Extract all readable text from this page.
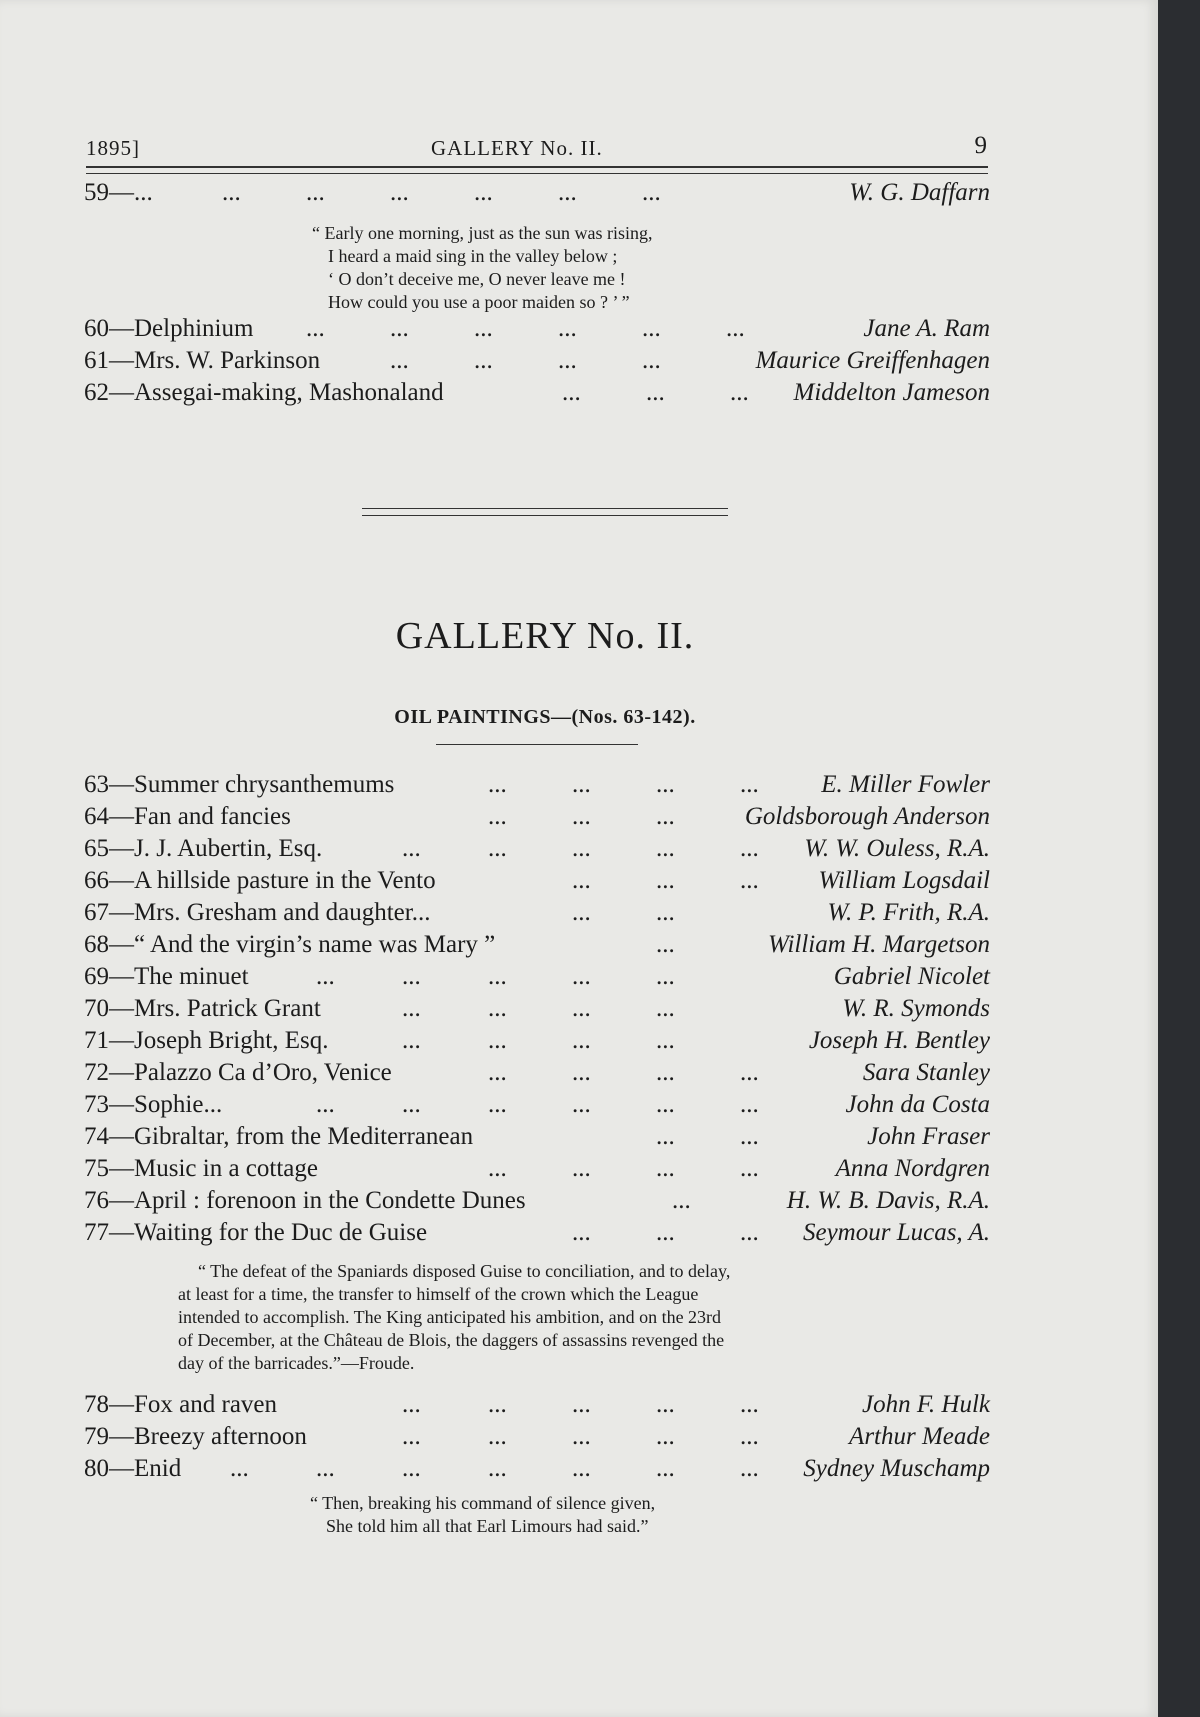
1895]	GALLERY No. II.	9
59— ...	...	...	...	...	...	...	W. G. Daffarn
“ Early one morning, just as the sun was rising,
I heard a maid sing in the valley below ;
‘ O don’t deceive me, O never leave me !
How could you use a poor maiden so ? ’ ”
60—Delphinium ...	...	...	...	...	...	Jane A. Ram
61—Mrs. W. Parkinson	...	...	...	...	Maurice Greiffenhagen
62—Assegai-making, Mashonaland	...	...	... Middelton Jameson
GALLERY No. II.
OIL PAINTINGS—(Nos. 63-142).
63—Summer chrysanthemums	...	...	...	...	E. Miller Fowler
64—Fan and fancies	...	...	...	Goldsborough Anderson
65—J. J. Aubertin, Esq.	...	...	...	...	... W. W. Ouless, R.A.
66—A hillside pasture in the Vento	...	...	... William Logsdail
67—Mrs. Gresham and daughter...	...	...	W. P. Frith, R.A.
68—“ And the virgin’s name was Mary ”	...	William H. Margetson
69—The minuet	...	...	...	...	...	Gabriel Nicolet
70—Mrs. Patrick Grant	...	...	...	...	W. R. Symonds
71—Joseph Bright, Esq.	...	...	...	...	Joseph H. Bentley
72—Palazzo Ca d’Oro, Venice	...	...	...	...	Sara Stanley
73—Sophie...	...	...	...	...	...	...	John da Costa
74—Gibraltar, from the Mediterranean	...	...	John Fraser
75—Music in a cottage	...	...	...	...	Anna Nordgren
76—April : forenoon in the Condette Dunes	...	H. W. B. Davis, R.A.
77—Waiting for the Duc de Guise	...	...	... Seymour Lucas, A.
“ The defeat of the Spaniards disposed Guise to conciliation, and to delay,
at least for a time, the transfer to himself of the crown which the League
intended to accomplish. The King anticipated his ambition, and on the 23rd
of December, at the Château de Blois, the daggers of assassins revenged the
day of the barricades.”—Froude.
78—Fox and raven	...	...	...	...	...	John F. Hulk
79—Breezy afternoon	...	...	...	...	...	Arthur Meade
80—Enid ...	...	...	...	...	...	... Sydney Muschamp
“ Then, breaking his command of silence given,
She told him all that Earl Limours had said.”
